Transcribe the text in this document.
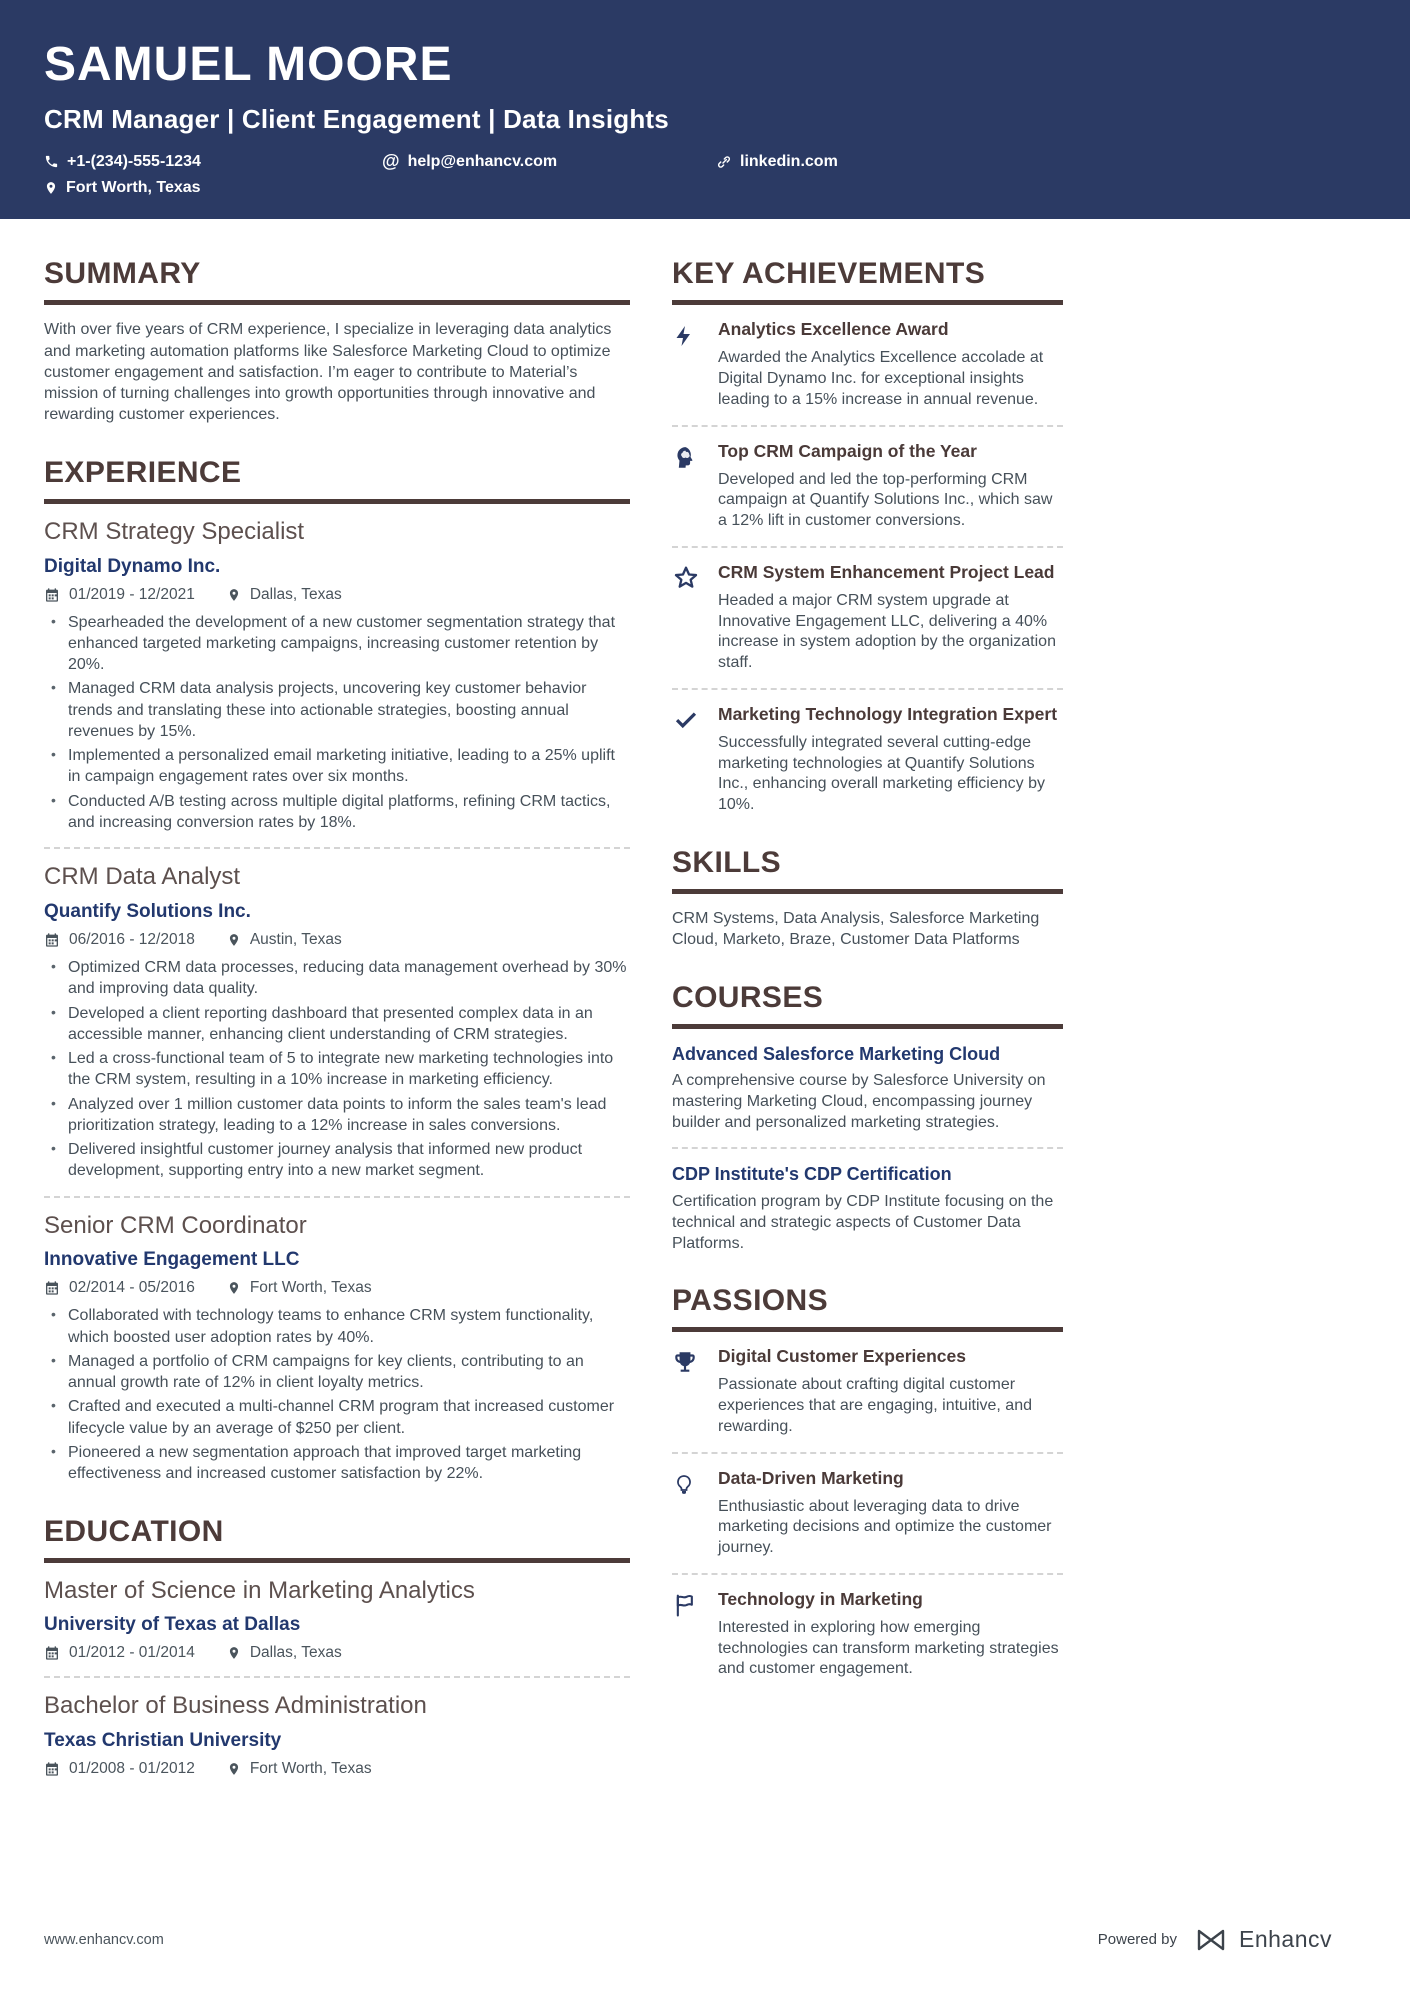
SAMUEL MOORE
CRM Manager | Client Engagement | Data Insights
+1-(234)-555-1234	@ help@enhancv.com	linkedin.com
Fort Worth, Texas
SUMMARY
With over five years of CRM experience, I specialize in leveraging data analytics and marketing automation platforms like Salesforce Marketing Cloud to optimize customer engagement and satisfaction. I’m eager to contribute to Material’s mission of turning challenges into growth opportunities through innovative and rewarding customer experiences.
EXPERIENCE
CRM Strategy Specialist
Digital Dynamo Inc.
01/2019 - 12/2021	Dallas, Texas
• Spearheaded the development of a new customer segmentation strategy that enhanced targeted marketing campaigns, increasing customer retention by 20%.
• Managed CRM data analysis projects, uncovering key customer behavior trends and translating these into actionable strategies, boosting annual revenues by 15%.
• Implemented a personalized email marketing initiative, leading to a 25% uplift in campaign engagement rates over six months.
• Conducted A/B testing across multiple digital platforms, refining CRM tactics, and increasing conversion rates by 18%.
CRM Data Analyst
Quantify Solutions Inc.
06/2016 - 12/2018	Austin, Texas
• Optimized CRM data processes, reducing data management overhead by 30% and improving data quality.
• Developed a client reporting dashboard that presented complex data in an accessible manner, enhancing client understanding of CRM strategies.
• Led a cross-functional team of 5 to integrate new marketing technologies into the CRM system, resulting in a 10% increase in marketing efficiency.
• Analyzed over 1 million customer data points to inform the sales team's lead prioritization strategy, leading to a 12% increase in sales conversions.
• Delivered insightful customer journey analysis that informed new product development, supporting entry into a new market segment.
Senior CRM Coordinator
Innovative Engagement LLC
02/2014 - 05/2016	Fort Worth, Texas
• Collaborated with technology teams to enhance CRM system functionality, which boosted user adoption rates by 40%.
• Managed a portfolio of CRM campaigns for key clients, contributing to an annual growth rate of 12% in client loyalty metrics.
• Crafted and executed a multi-channel CRM program that increased customer lifecycle value by an average of $250 per client.
• Pioneered a new segmentation approach that improved target marketing effectiveness and increased customer satisfaction by 22%.
EDUCATION
Master of Science in Marketing Analytics
University of Texas at Dallas
01/2012 - 01/2014	Dallas, Texas
Bachelor of Business Administration
Texas Christian University
01/2008 - 01/2012	Fort Worth, Texas
KEY ACHIEVEMENTS
Analytics Excellence Award
Awarded the Analytics Excellence accolade at Digital Dynamo Inc. for exceptional insights leading to a 15% increase in annual revenue.
Top CRM Campaign of the Year
Developed and led the top-performing CRM campaign at Quantify Solutions Inc., which saw a 12% lift in customer conversions.
CRM System Enhancement Project Lead
Headed a major CRM system upgrade at Innovative Engagement LLC, delivering a 40% increase in system adoption by the organization staff.
Marketing Technology Integration Expert
Successfully integrated several cutting-edge marketing technologies at Quantify Solutions Inc., enhancing overall marketing efficiency by 10%.
SKILLS
CRM Systems, Data Analysis, Salesforce Marketing Cloud, Marketo, Braze, Customer Data Platforms
COURSES
Advanced Salesforce Marketing Cloud
A comprehensive course by Salesforce University on mastering Marketing Cloud, encompassing journey builder and personalized marketing strategies.
CDP Institute's CDP Certification
Certification program by CDP Institute focusing on the technical and strategic aspects of Customer Data Platforms.
PASSIONS
Digital Customer Experiences
Passionate about crafting digital customer experiences that are engaging, intuitive, and rewarding.
Data-Driven Marketing
Enthusiastic about leveraging data to drive marketing decisions and optimize the customer journey.
Technology in Marketing
Interested in exploring how emerging technologies can transform marketing strategies and customer engagement.
www.enhancv.com	Powered by	Enhancv
